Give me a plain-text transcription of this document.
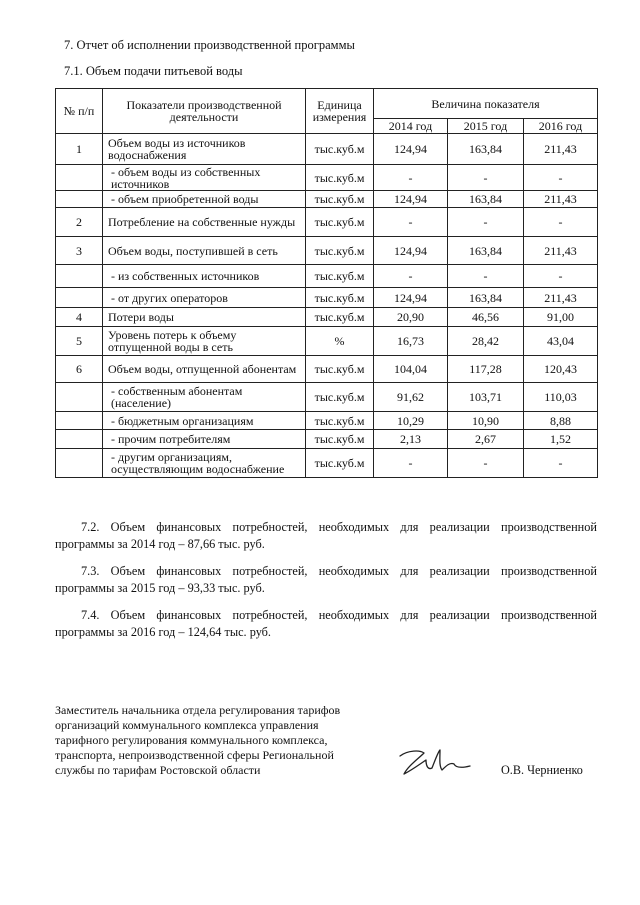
7. Отчет об исполнении производственной программы
7.1. Объем подачи питьевой воды
№ п/п	Показатели производственной деятельности	Единица измерения	Величина показателя		
			2014 год	2015 год	2016 год
1	Объем воды из источников водоснабжения	тыс.куб.м	124,94	163,84	211,43
	- объем воды из собственных источников	тыс.куб.м	-	-	-
	- объем приобретенной воды	тыс.куб.м	124,94	163,84	211,43
2	Потребление на собственные нужды	тыс.куб.м	-	-	-
3	Объем воды, поступившей в сеть	тыс.куб.м	124,94	163,84	211,43
	- из собственных источников	тыс.куб.м	-	-	-
	- от других операторов	тыс.куб.м	124,94	163,84	211,43
4	Потери воды	тыс.куб.м	20,90	46,56	91,00
5	Уровень потерь к объему отпущенной воды в сеть	%	16,73	28,42	43,04
6	Объем воды, отпущенной абонентам	тыс.куб.м	104,04	117,28	120,43
	- собственным абонентам (население)	тыс.куб.м	91,62	103,71	110,03
	- бюджетным организациям	тыс.куб.м	10,29	10,90	8,88
	- прочим потребителям	тыс.куб.м	2,13	2,67	1,52
	- другим организациям, осуществляющим водоснабжение	тыс.куб.м	-	-	-
7.2. Объем финансовых потребностей, необходимых для реализации производственной программы за 2014 год – 87,66 тыс. руб.
7.3. Объем финансовых потребностей, необходимых для реализации производственной программы за 2015 год – 93,33 тыс. руб.
7.4. Объем финансовых потребностей, необходимых для реализации производственной программы за 2016 год – 124,64 тыс. руб.
Заместитель начальника отдела регулирования тарифов
организаций коммунального комплекса управления
тарифного регулирования коммунального комплекса,
транспорта, непроизводственной сферы Региональной
службы по тарифам Ростовской области	О.В. Черниенко
